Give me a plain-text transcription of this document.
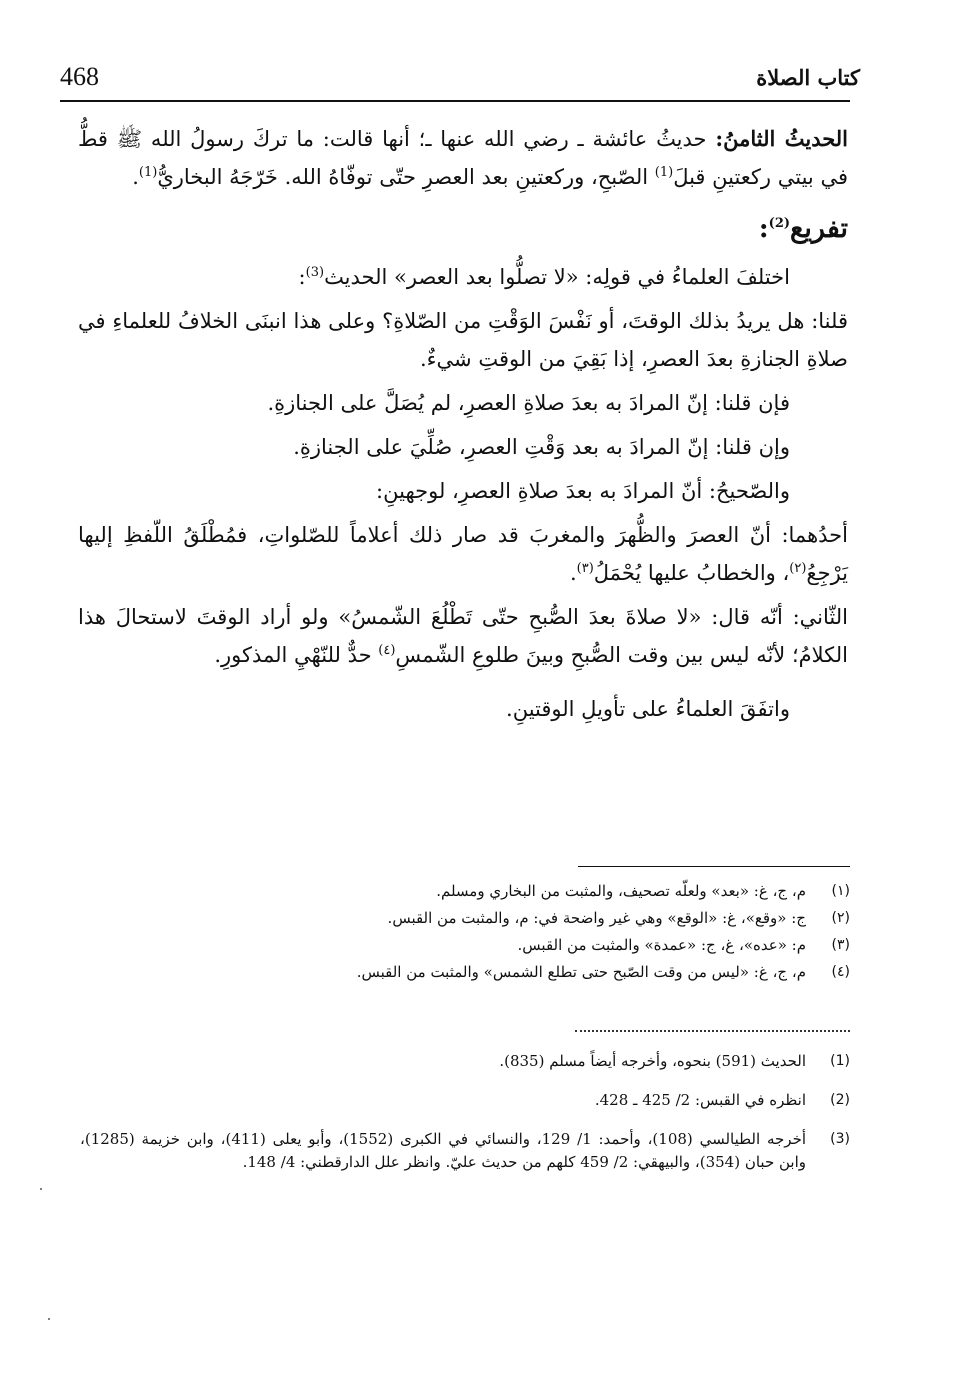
468	كتاب الصلاة

الحديثُ الثامنُ: حديثُ عائشة ـ رضي الله عنها ـ؛ أنها قالت: ما تركَ رسولُ الله ﷺ قطُّ في بيتي ركعتينِ قبلَ$^{(1)}$ الصّبحِ، وركعتينِ بعد العصرِ حتّى توفّاهُ الله. خَرّجَهُ البخاريُّ$^{(1)}$.

تفريع$^{(2)}$:

اختلفَ العلماءُ في قولِه: «لا تصلُّوا بعد العصر» الحديث$^{(3)}$:

قلنا: هل يريدُ بذلك الوقتَ، أو نَفْسَ الوَقْتِ من الصّلاةِ؟ وعلى هذا انبنَى الخلافُ للعلماءِ في صلاةِ الجنازةِ بعدَ العصرِ، إذا بَقِيَ من الوقتِ شيءٌ.

فإن قلنا: إنّ المرادَ به بعدَ صلاةِ العصرِ، لم يُصَلَّ على الجنازةِ.

وإن قلنا: إنّ المرادَ به بعد وَقْتِ العصرِ، صُلِّيَ على الجنازةِ.

والصّحيحُ: أنّ المرادَ به بعدَ صلاةِ العصرِ، لوجهينِ:

أحدُهما: أنّ العصرَ والظُّهرَ والمغربَ قد صار ذلك أعلاماً للصّلواتِ، فمُطْلَقُ اللّفظِ إليها يَرْجِعُ$^{(٢)}$، والخطابُ عليها يُحْمَلُ$^{(٣)}$.

الثّاني: أنّه قال: «لا صلاةَ بعدَ الصُّبحِ حتّى تَطْلُعَ الشّمسُ» ولو أراد الوقتَ لاستحالَ هذا الكلامُ؛ لأنّه ليس بين وقت الصُّبحِ وبينَ طلوعِ الشّمسِ$^{(٤)}$ حدٌّ للنّهْيِ المذكورِ.

واتفَقَ العلماءُ على تأويلِ الوقتينِ.

(١)
م، ج، غ: «بعد» ولعلّه تصحيف، والمثبت من البخاري ومسلم.
(٢)
ج: «وقع»، غ: «الوقع» وهي غير واضحة في: م، والمثبت من القبس.
(٣)
م: «عده»، غ، ج: «عمدة» والمثبت من القبس.
(٤)
م، ج، غ: «ليس من وقت الصّبح حتى تطلع الشمس» والمثبت من القبس.
(1)
الحديث (591) بنحوه، وأخرجه أيضاً مسلم (835).
(2)
انظره في القبس: 2/ 425 ـ 428.
(3)
أخرجه الطيالسي (108)، وأحمد: 1/ 129، والنسائي في الكبرى (1552)، وأبو يعلى (411)، وابن خزيمة (1285)، وابن حبان (354)، والبيهقي: 2/ 459 كلهم من حديث عليّ. وانظر علل الدارقطني: 4/ 148.
